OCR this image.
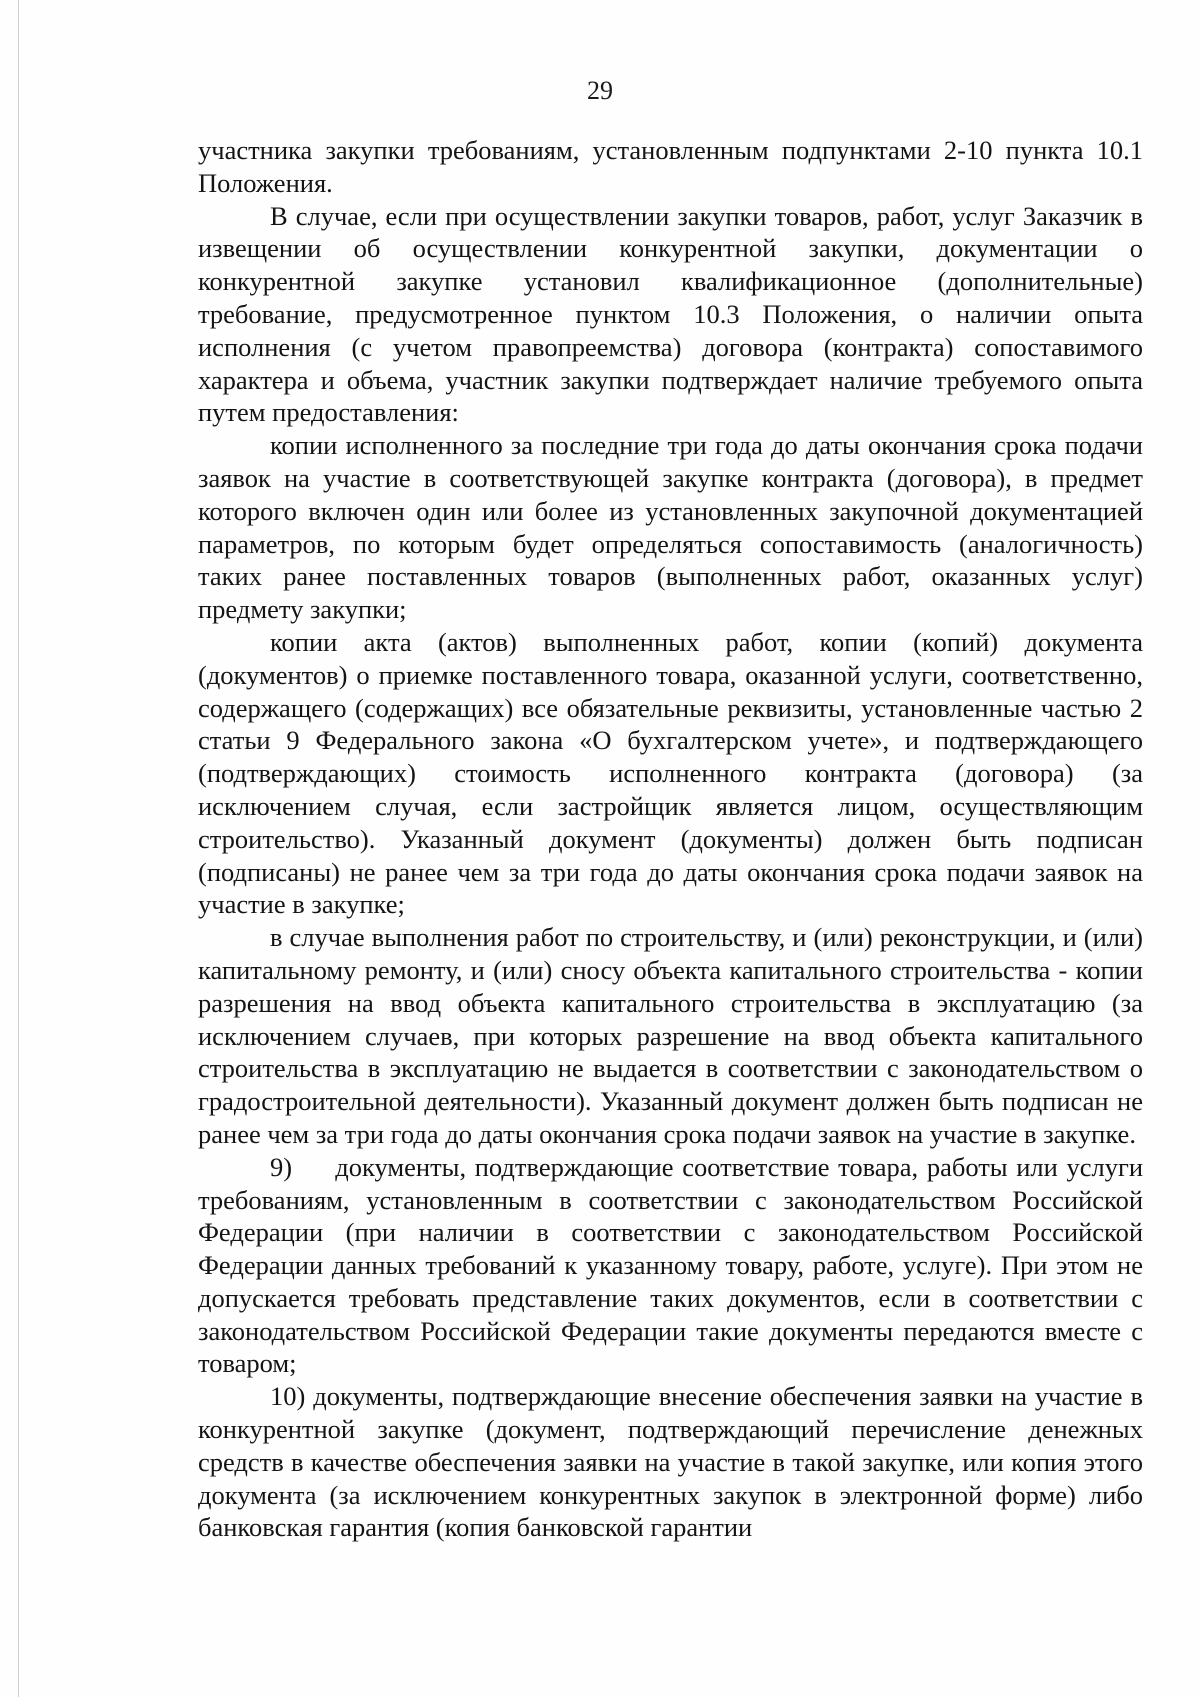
29

участника закупки требованиям, установленным подпунктами 2-10 пункта 10.1 Положения.

В случае, если при осуществлении закупки товаров, работ, услуг Заказчик в извещении об осуществлении конкурентной закупки, документации о конкурентной закупке установил квалификационное (дополнительные) требование, предусмотренное пунктом 10.3 Положения, о наличии опыта исполнения (с учетом правопреемства) договора (контракта) сопоставимого характера и объема, участник закупки подтверждает наличие требуемого опыта путем предоставления:

копии исполненного за последние три года до даты окончания срока подачи заявок на участие в соответствующей закупке контракта (договора), в предмет которого включен один или более из установленных закупочной документацией параметров, по которым будет определяться сопоставимость (аналогичность) таких ранее поставленных товаров (выполненных работ, оказанных услуг) предмету закупки;

копии акта (актов) выполненных работ, копии (копий) документа (документов) о приемке поставленного товара, оказанной услуги, соответственно, содержащего (содержащих) все обязательные реквизиты, установленные частью 2 статьи 9 Федерального закона «О бухгалтерском учете», и подтверждающего (подтверждающих) стоимость исполненного контракта (договора) (за исключением случая, если застройщик является лицом, осуществляющим строительство). Указанный документ (документы) должен быть подписан (подписаны) не ранее чем за три года до даты окончания срока подачи заявок на участие в закупке;

в случае выполнения работ по строительству, и (или) реконструкции, и (или) капитальному ремонту, и (или) сносу объекта капитального строительства - копии разрешения на ввод объекта капитального строительства в эксплуатацию (за исключением случаев, при которых разрешение на ввод объекта капитального строительства в эксплуатацию не выдается в соответствии с законодательством о градостроительной деятельности). Указанный документ должен быть подписан не ранее чем за три года до даты окончания срока подачи заявок на участие в закупке.

9)     документы, подтверждающие соответствие товара, работы или услуги требованиям, установленным в соответствии с законодательством Российской Федерации (при наличии в соответствии с законодательством Российской Федерации данных требований к указанному товару, работе, услуге). При этом не допускается требовать представление таких документов, если в соответствии с законодательством Российской Федерации такие документы передаются вместе с товаром;

10) документы, подтверждающие внесение обеспечения заявки на участие в конкурентной закупке (документ, подтверждающий перечисление денежных средств в качестве обеспечения заявки на участие в такой закупке, или копия этого документа (за исключением конкурентных закупок в электронной форме) либо банковская гарантия (копия банковской гарантии
